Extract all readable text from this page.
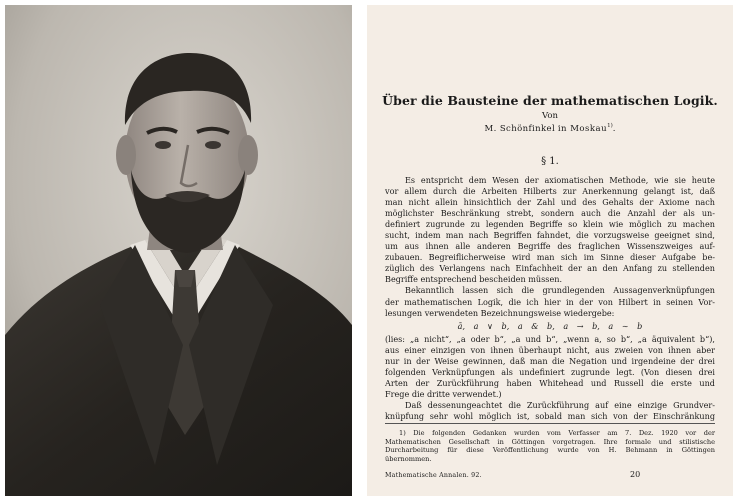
Über die Bausteine der mathematischen Logik.
Von
M. Schönfinkel in Moskau$^{1)}$.
§ 1.

Es entspricht dem Wesen der axiomatischen Methode, wie sie heute

vor allem durch die Arbeiten Hilberts zur Anerkennung gelangt ist, daß

man nicht allein hinsichtlich der Zahl und des Gehalts der Axiome nach

möglichster Beschränkung strebt, sondern auch die Anzahl der als un-

definiert zugrunde zu legenden Begriffe so klein wie möglich zu machen

sucht, indem man nach Begriffen fahndet, die vorzugsweise geeignet sind,

um aus ihnen alle anderen Begriffe des fraglichen Wissenszweiges auf-

zubauen. Begreiflicherweise wird man sich im Sinne dieser Aufgabe be-

züglich des Verlangens nach Einfachheit der an den Anfang zu stellenden

Begriffe entsprechend bescheiden müssen.

Bekanntlich lassen sich die grundlegenden Aussagenverknüpfungen

der mathematischen Logik, die ich hier in der von Hilbert in seinen Vor-

lesungen verwendeten Bezeichnungsweise wiedergebe:

ā, a ∨ b, a & b, a → b, a ∼ b

(lies: „a nicht“, „a oder b“, „a und b“, „wenn a, so b“, „a äquivalent b“),

aus einer einzigen von ihnen überhaupt nicht, aus zweien von ihnen aber

nur in der Weise gewinnen, daß man die Negation und irgendeine der drei

folgenden Verknüpfungen als undefiniert zugrunde legt. (Von diesen drei

Arten der Zurückführung haben Whitehead und Russell die erste und

Frege die dritte verwendet.)

Daß dessenungeachtet die Zurückführung auf eine einzige Grundver-

knüpfung sehr wohl möglich ist, sobald man sich von der Einschränkung

1) Die folgenden Gedanken wurden vom Verfasser am 7. Dez. 1920 vor der

Mathematischen Gesellschaft in Göttingen vorgetragen. Ihre formale und stilistische

Durcharbeitung für diese Veröffentlichung wurde von H. Behmann in Göttingen

übernommen.

Mathematische Annalen. 92.	20
